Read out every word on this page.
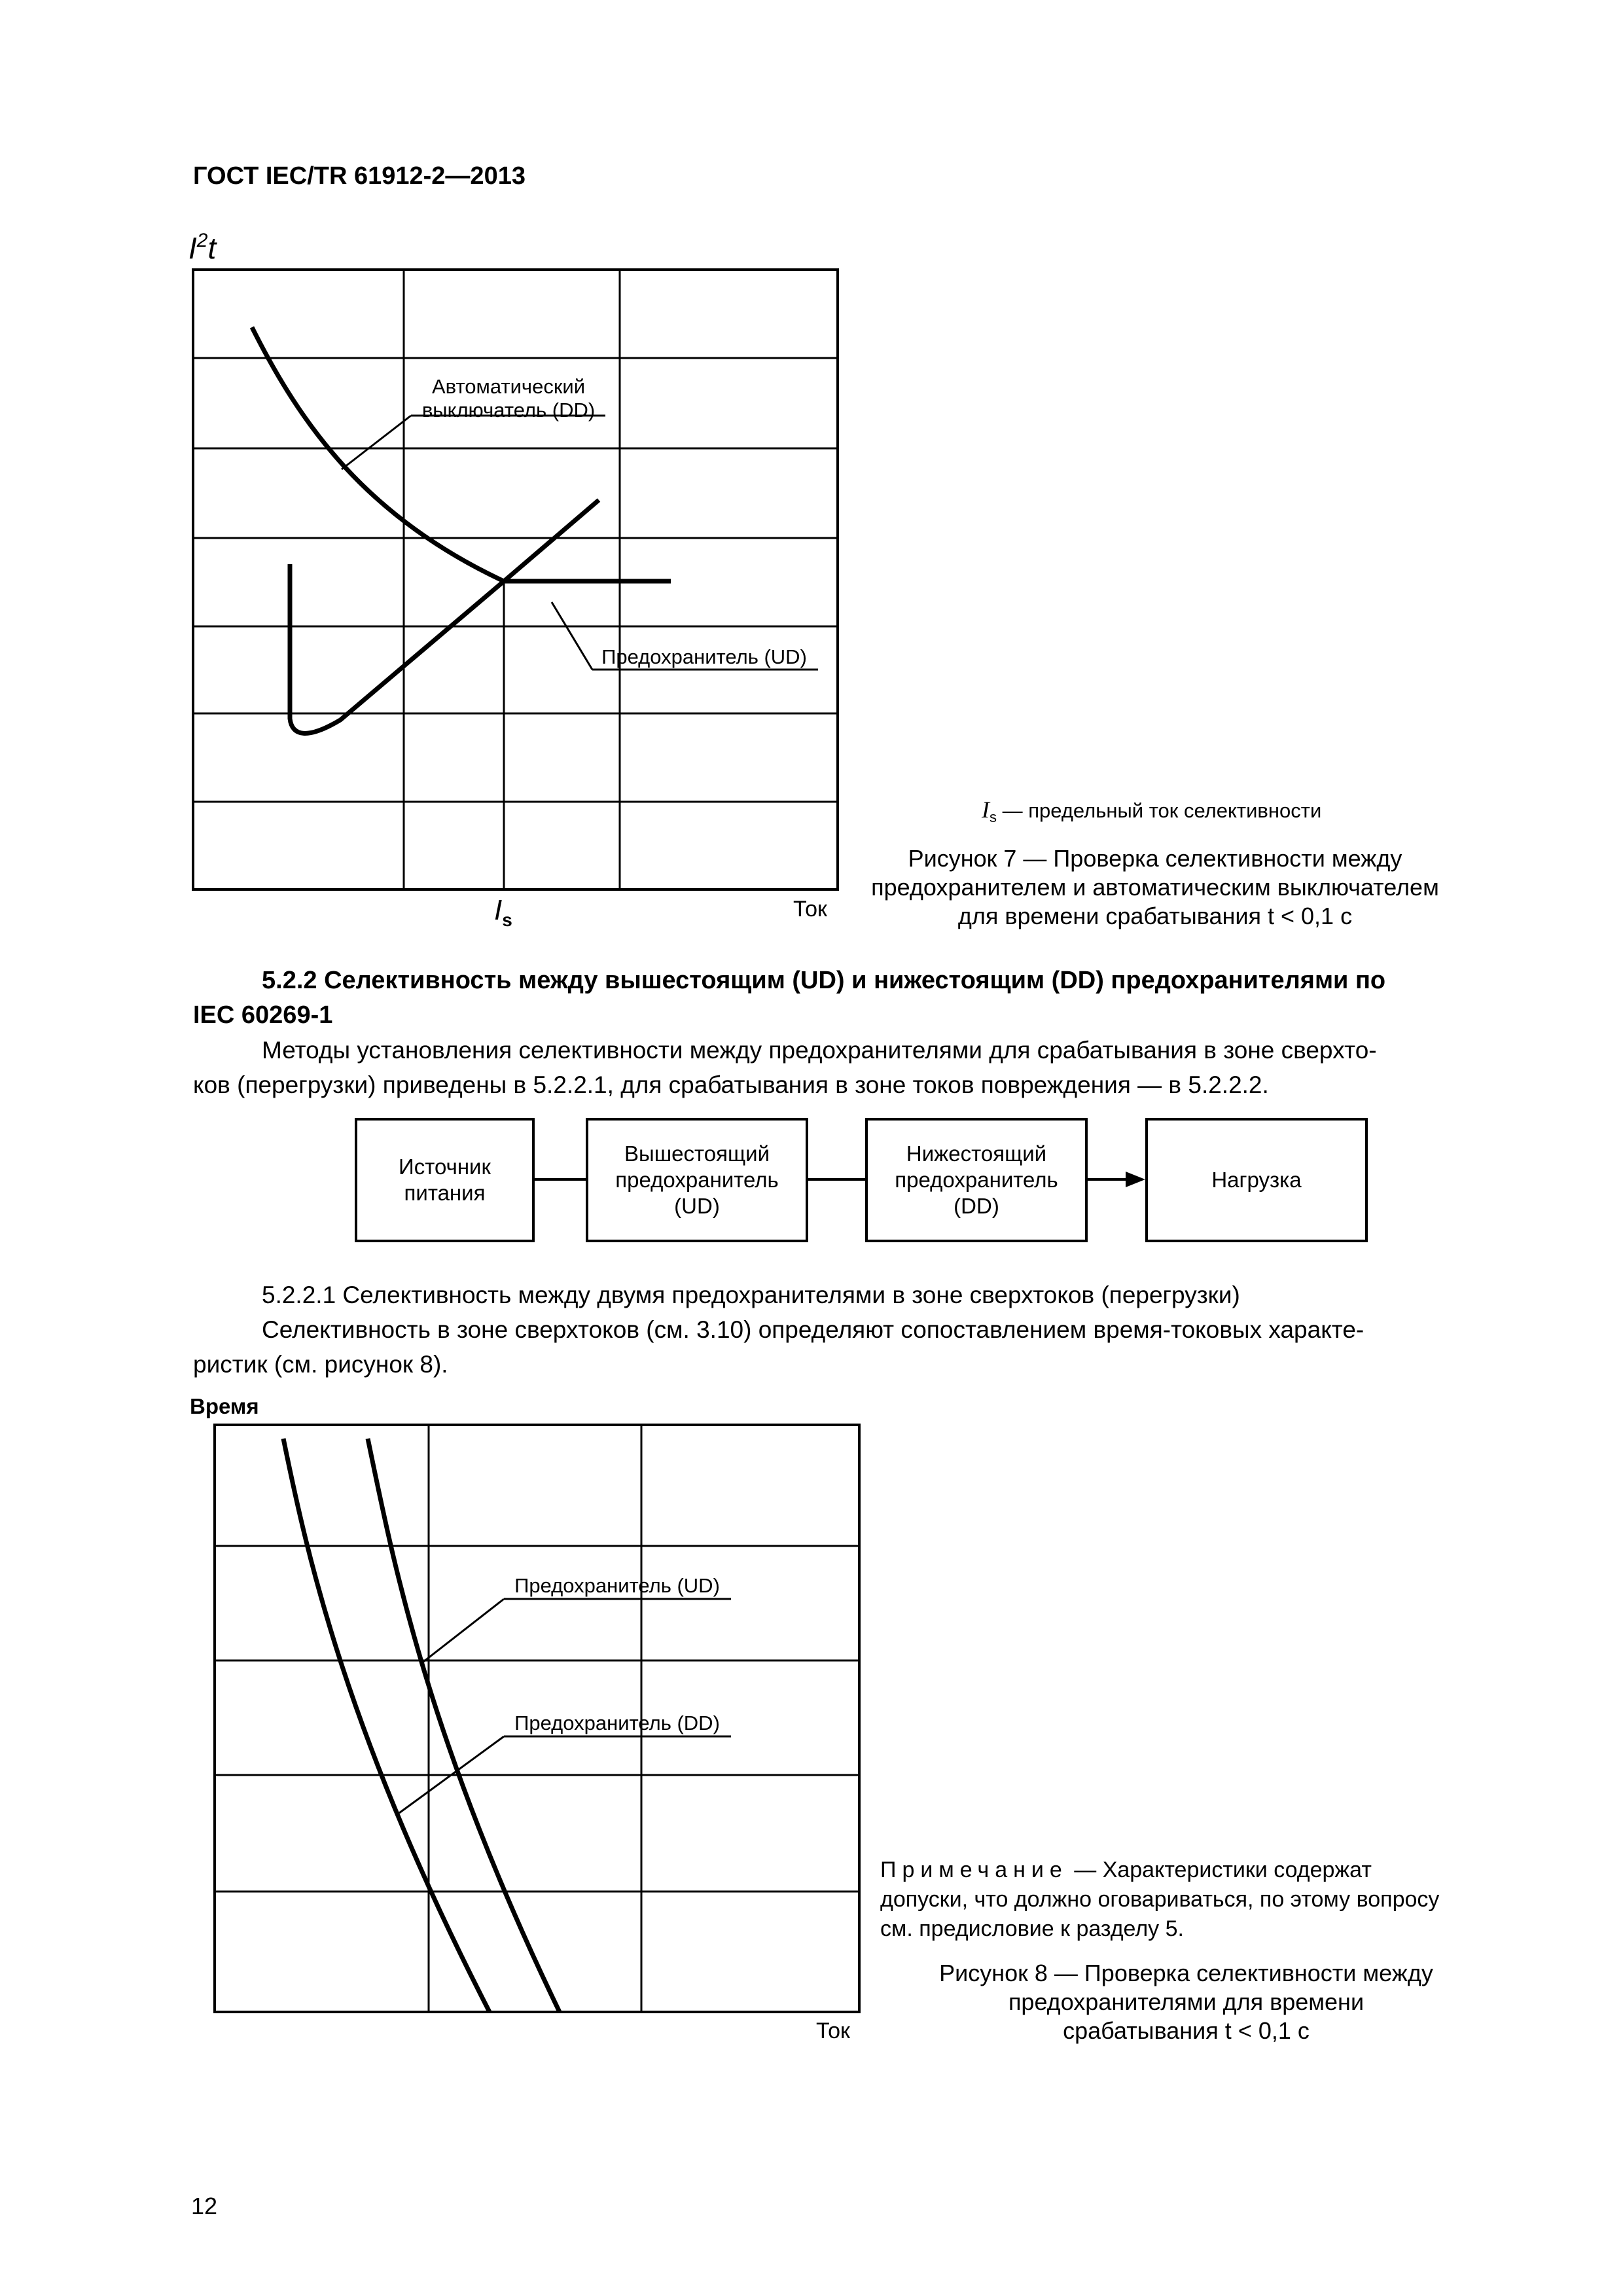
ГОСТ IEC/TR 61912-2—2013
$I^2t$
Автоматический
выключатель (DD)
Предохранитель (UD)
$I_s$	Ток
$I_s$ — предельный ток селективности
Рисунок 7 — Проверка селективности между
предохранителем и автоматическим выключателем
для времени срабатывания t < 0,1 с
5.2.2 Селективность между вышестоящим (UD) и нижестоящим (DD) предохранителями по
IEC 60269-1
Методы установления селективности между предохранителями для срабатывания в зоне сверхто-
ков (перегрузки) приведены в 5.2.2.1, для срабатывания в зоне токов повреждения — в 5.2.2.2.
Источник
питания
Вышестоящий
предохранитель
(UD)
Нижестоящий
предохранитель
(DD)
Нагрузка
5.2.2.1 Селективность между двумя предохранителями в зоне сверхтоков (перегрузки)
Селективность в зоне сверхтоков (см. 3.10) определяют сопоставлением время-токовых характе-
ристик (см. рисунок 8).
Время
Предохранитель (UD)
Предохранитель (DD)
Ток
Примечание — Характеристики содержат
допуски, что должно оговариваться, по этому вопросу
см. предисловие к разделу 5.
Рисунок 8 — Проверка селективности между
предохранителями для времени
срабатывания t < 0,1 с
12
